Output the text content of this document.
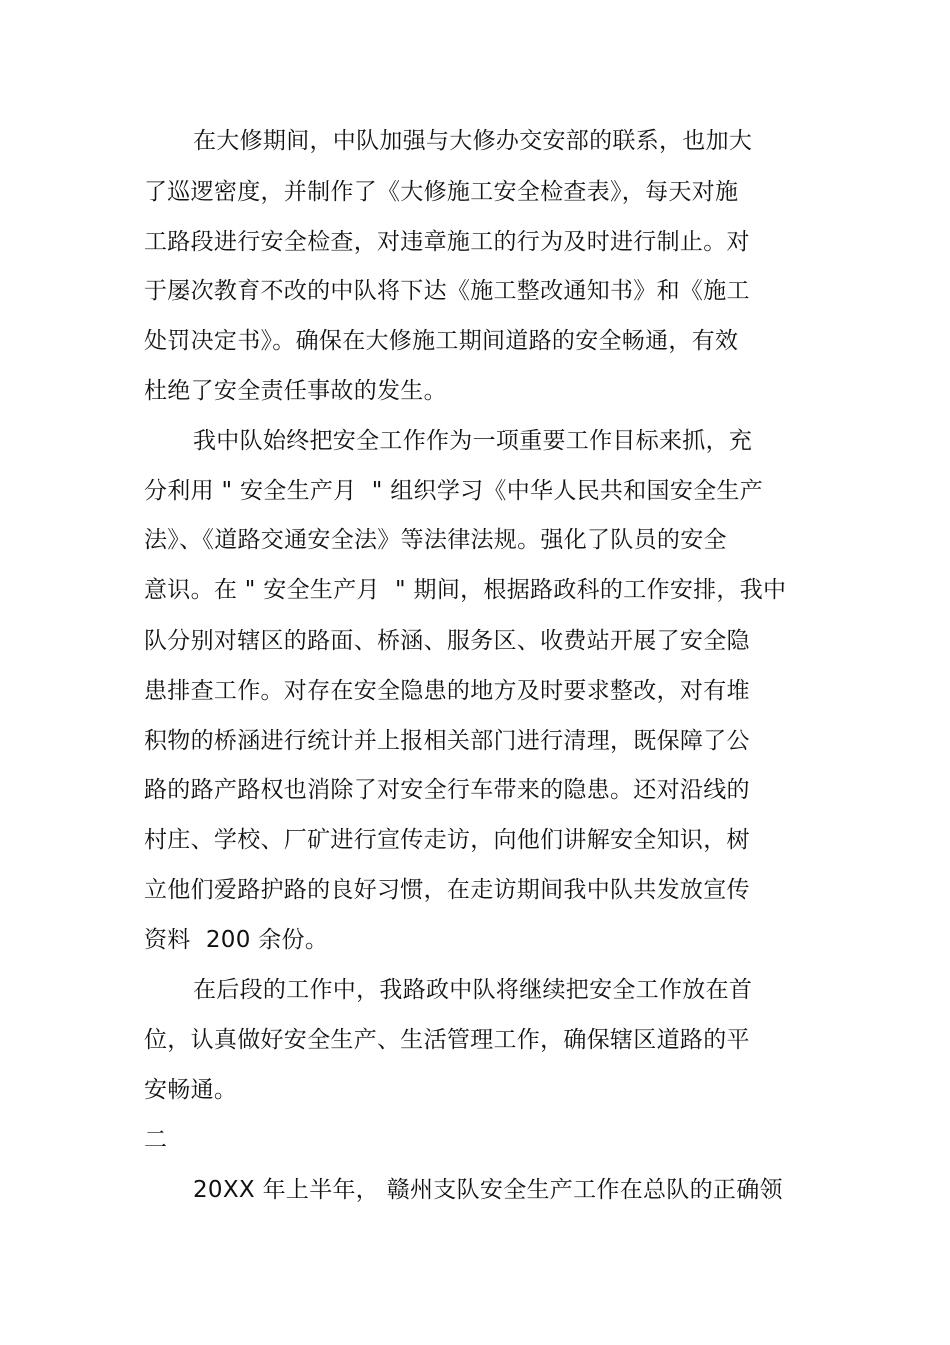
在大修期间，中队加强与大修办交安部的联系，也加大
了巡逻密度，并制作了《大修施工安全检查表》，每天对施
工路段进行安全检查，对违章施工的行为及时进行制止。对
于屡次教育不改的中队将下达《施工整改通知书》和《施工
处罚决定书》。确保在大修施工期间道路的安全畅通，有效
杜绝了安全责任事故的发生。
我中队始终把安全工作作为一项重要工作目标来抓，充
分利用 " 安全生产月  " 组织学习《中华人民共和国安全生产
法》、《道路交通安全法》等法律法规。强化了队员的安全
意识。在 " 安全生产月  " 期间，根据路政科的工作安排，我中
队分别对辖区的路面、桥涵、服务区、收费站开展了安全隐
患排查工作。对存在安全隐患的地方及时要求整改，对有堆
积物的桥涵进行统计并上报相关部门进行清理，既保障了公
路的路产路权也消除了对安全行车带来的隐患。还对沿线的
村庄、学校、厂矿进行宣传走访，向他们讲解安全知识，树
立他们爱路护路的良好习惯，在走访期间我中队共发放宣传
资料  200 余份。
在后段的工作中，我路政中队将继续把安全工作放在首
位，认真做好安全生产、生活管理工作，确保辖区道路的平
安畅通。
二
20XX 年上半年， 赣州支队安全生产工作在总队的正确领
